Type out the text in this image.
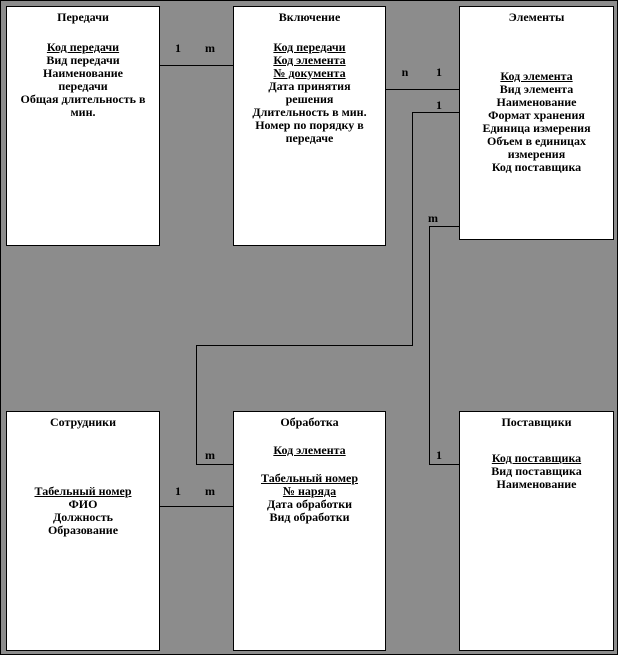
Передачи
Код передачи
Вид передачи
Наименование передачи
Общая длительность в мин.
Включение
Код передачи
Код элемента
№ документа
Дата принятия решения
Длительность в мин.
Номер по порядку в передаче
Элементы
Код элемента
Вид элемента
Наименование
Формат хранения
Единица измерения
Объем в единицах измерения
Код поставщика
Сотрудники
Табельный номер
ФИО
Должность
Образование
Обработка
Код элемента
Табельный номер
№ наряда
Дата обработки
Вид обработки
Поставщики
Код поставщика
Вид поставщика
Наименование
1	m
n	1
1
m
m
1
1	m
